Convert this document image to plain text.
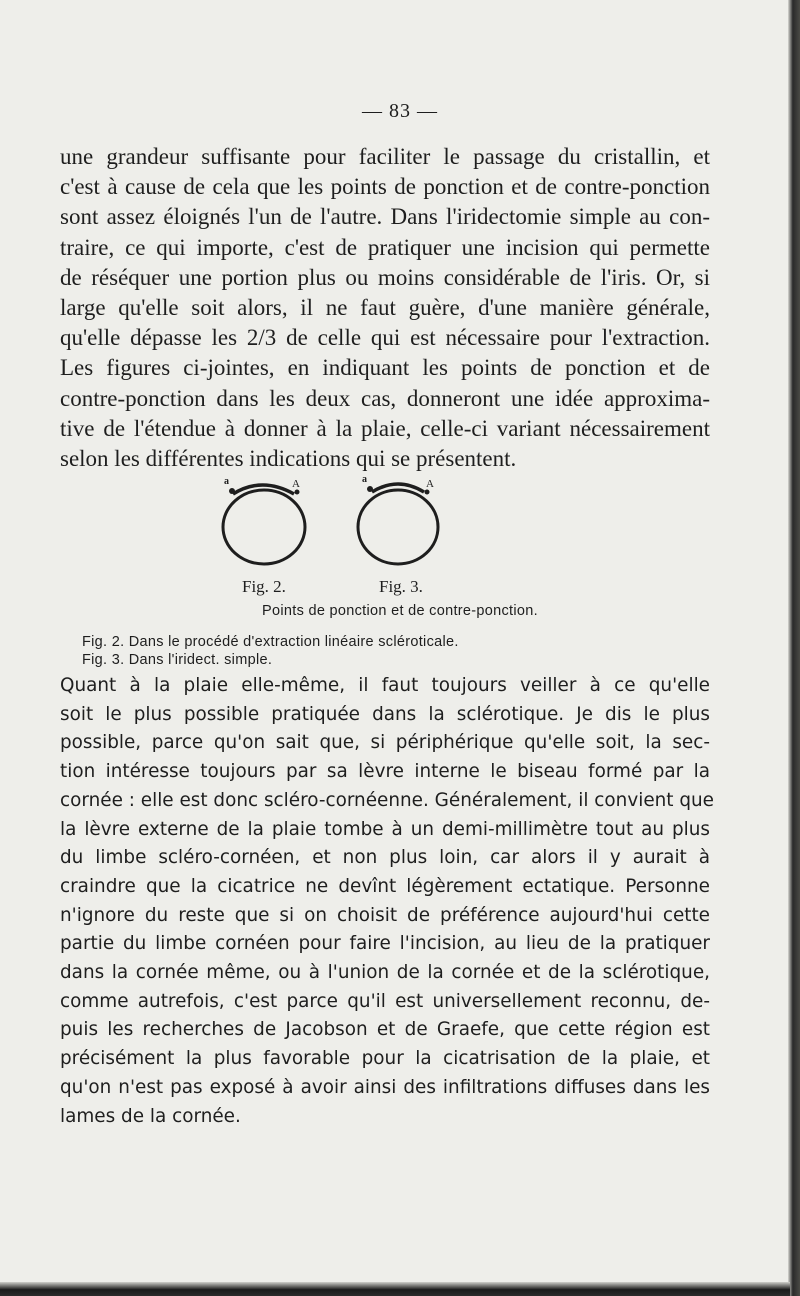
— 83 —
une grandeur suffisante pour faciliter le passage du cristallin, et
c'est à cause de cela que les points de ponction et de contre-ponction
sont assez éloignés l'un de l'autre. Dans l'iridectomie simple au con-
traire, ce qui importe, c'est de pratiquer une incision qui permette
de réséquer une portion plus ou moins considérable de l'iris. Or, si
large qu'elle soit alors, il ne faut guère, d'une manière générale,
qu'elle dépasse les 2/3 de celle qui est nécessaire pour l'extraction.
Les figures ci-jointes, en indiquant les points de ponction et de
contre-ponction dans les deux cas, donneront une idée approxima-
tive de l'étendue à donner à la plaie, celle-ci variant nécessairement
selon les différentes indications qui se présentent.
a	A	a	A
Fig. 2.	Fig. 3.
Points de ponction et de contre-ponction.
Fig. 2. Dans le procédé d'extraction linéaire scléroticale.
Fig. 3. Dans l'iridect. simple.
Quant à la plaie elle-même, il faut toujours veiller à ce qu'elle
soit le plus possible pratiquée dans la sclérotique. Je dis le plus
possible, parce qu'on sait que, si périphérique qu'elle soit, la sec-
tion intéresse toujours par sa lèvre interne le biseau formé par la
cornée : elle est donc scléro-cornéenne. Généralement, il convient que
la lèvre externe de la plaie tombe à un demi-millimètre tout au plus
du limbe scléro-cornéen, et non plus loin, car alors il y aurait à
craindre que la cicatrice ne devînt légèrement ectatique. Personne
n'ignore du reste que si on choisit de préférence aujourd'hui cette
partie du limbe cornéen pour faire l'incision, au lieu de la pratiquer
dans la cornée même, ou à l'union de la cornée et de la sclérotique,
comme autrefois, c'est parce qu'il est universellement reconnu, de-
puis les recherches de Jacobson et de Graefe, que cette région est
précisément la plus favorable pour la cicatrisation de la plaie, et
qu'on n'est pas exposé à avoir ainsi des infiltrations diffuses dans les
lames de la cornée.
